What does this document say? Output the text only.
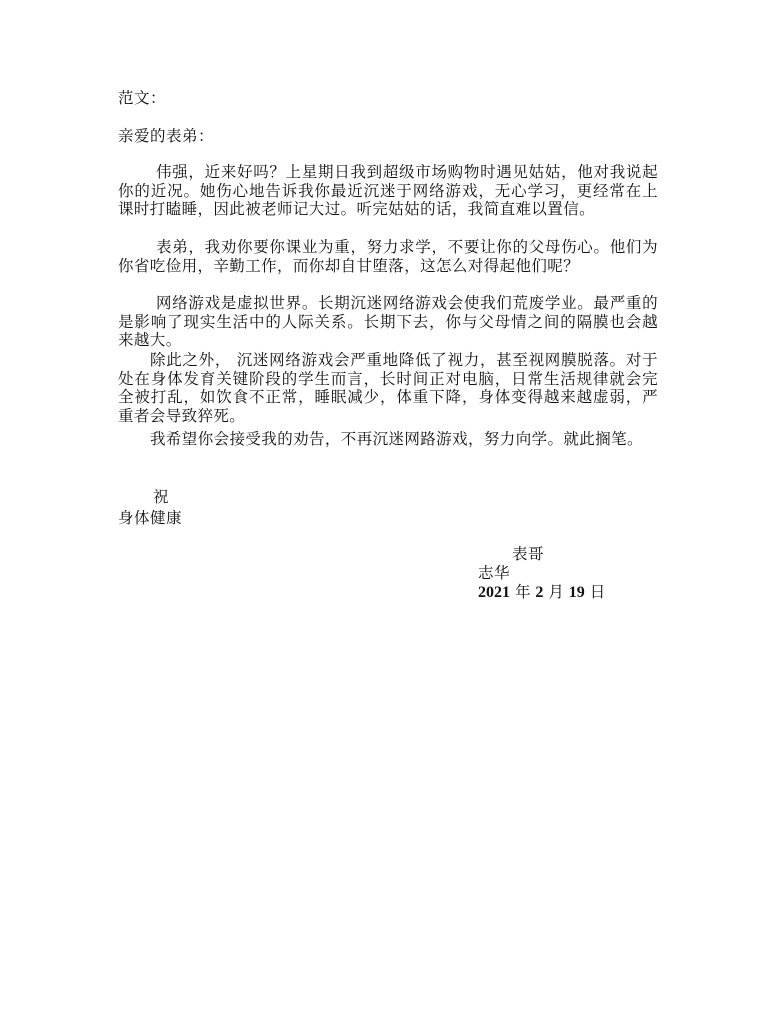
范文：
亲爱的表弟：
伟强，近来好吗？上星期日我到超级市场购物时遇见姑姑，他对我说起你的近况。她伤心地告诉我你最近沉迷于网络游戏，无心学习，更经常在上课时打瞌睡，因此被老师记大过。听完姑姑的话，我简直难以置信。
表弟，我劝你要你课业为重，努力求学，不要让你的父母伤心。他们为你省吃俭用，辛勤工作，而你却自甘堕落，这怎么对得起他们呢？
网络游戏是虚拟世界。长期沉迷网络游戏会使我们荒废学业。最严重的是影响了现实生活中的人际关系。长期下去，你与父母情之间的隔膜也会越来越大。
除此之外， 沉迷网络游戏会严重地降低了视力，甚至视网膜脱落。对于处在身体发育关键阶段的学生而言，长时间正对电脑，日常生活规律就会完全被打乱，如饮食不正常，睡眠减少，体重下降，身体变得越来越虚弱，严重者会导致猝死。
我希望你会接受我的劝告，不再沉迷网路游戏，努力向学。就此搁笔。
祝
身体健康
表哥
志华
2021 年 2 月 19 日
